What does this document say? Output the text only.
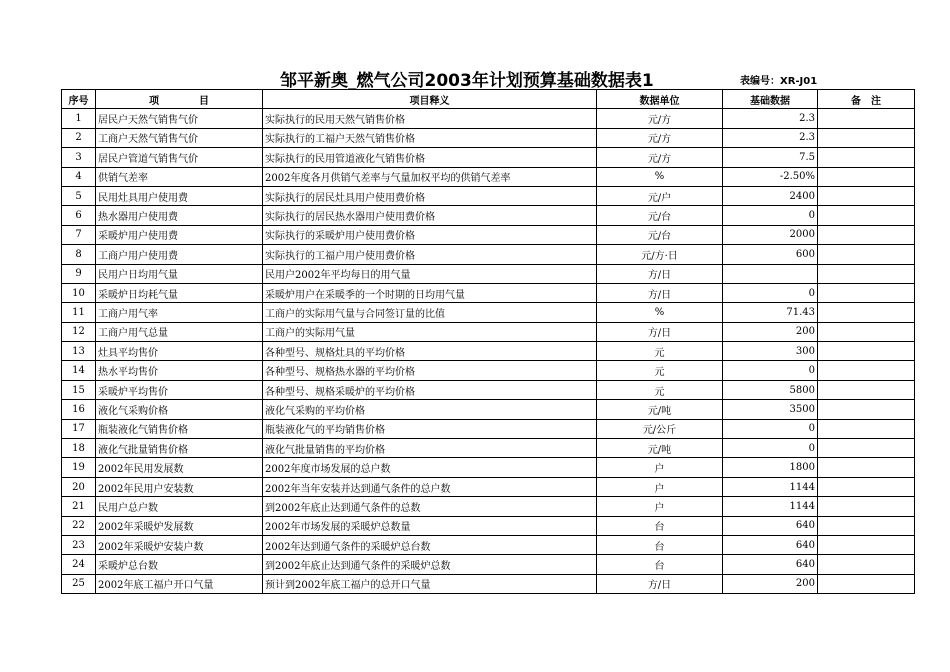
邹平新奥_燃气公司2003年计划预算基础数据表1	表编号：XR-J01
序号	项　　　　目	项目释义	数据单位	基础数据	备　注
1	居民户天然气销售气价	实际执行的民用天然气销售价格	元/方	2.3	
2	工商户天然气销售气价	实际执行的工福户天然气销售价格	元/方	2.3	
3	居民户管道气销售气价	实际执行的民用管道液化气销售价格	元/方	7.5	
4	供销气差率	2002年度各月供销气差率与气量加权平均的供销气差率	%	-2.50%	
5	民用灶具用户使用费	实际执行的居民灶具用户使用费价格	元/户	2400	
6	热水器用户使用费	实际执行的居民热水器用户使用费价格	元/台	0	
7	采暖炉用户使用费	实际执行的采暖炉用户使用费价格	元/台	2000	
8	工商户用户使用费	实际执行的工福户用户使用费价格	元/方·日	600	
9	民用户日均用气量	民用户2002年平均每日的用气量	方/日		
10	采暖炉日均耗气量	采暖炉用户在采暖季的一个时期的日均用气量	方/日	0	
11	工商户用气率	工商户的实际用气量与合同签订量的比值	%	71.43	
12	工商户用气总量	工商户的实际用气量	方/日	200	
13	灶具平均售价	各种型号、规格灶具的平均价格	元	300	
14	热水平均售价	各种型号、规格热水器的平均价格	元	0	
15	采暖炉平均售价	各种型号、规格采暖炉的平均价格	元	5800	
16	液化气采购价格	液化气采购的平均价格	元/吨	3500	
17	瓶装液化气销售价格	瓶装液化气的平均销售价格	元/公斤	0	
18	液化气批量销售价格	液化气批量销售的平均价格	元/吨	0	
19	2002年民用发展数	2002年度市场发展的总户数	户	1800	
20	2002年民用户安装数	2002年当年安装并达到通气条件的总户数	户	1144	
21	民用户总户数	到2002年底止达到通气条件的总数	户	1144	
22	2002年采暖炉发展数	2002年市场发展的采暖炉总数量	台	640	
23	2002年采暖炉安装户数	2002年达到通气条件的采暖炉总台数	台	640	
24	采暖炉总台数	到2002年底止达到通气条件的采暖炉总数	台	640	
25	2002年底工福户开口气量	预计到2002年底工福户的总开口气量	方/日	200	
